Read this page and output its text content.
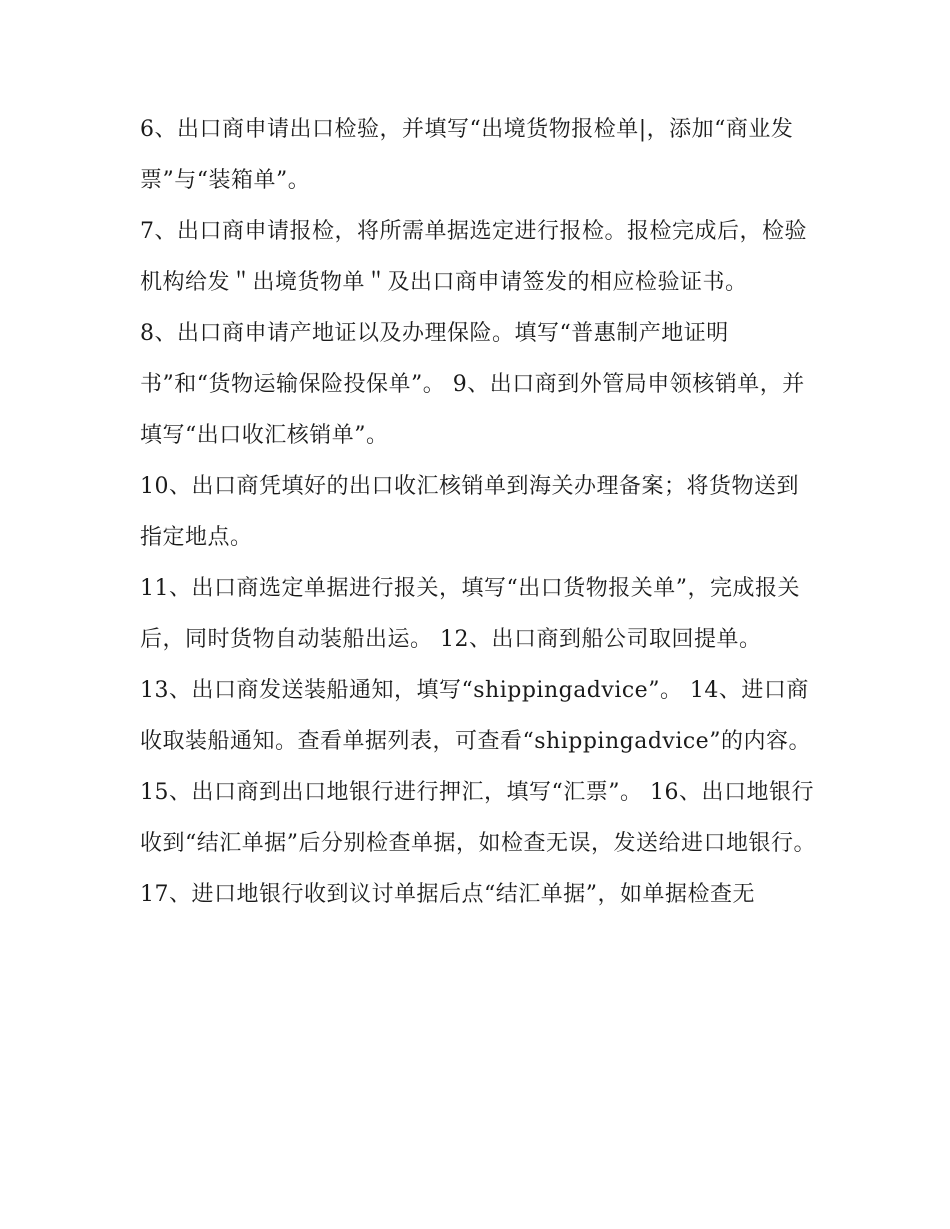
6、出口商申请出口检验，并填写“出境货物报检单|，添加“商业发票”与“装箱单”。

7、出口商申请报检，将所需单据选定进行报检。报检完成后，检验机构给发＂出境货物单＂及出口商申请签发的相应检验证书。

8、出口商申请产地证以及办理保险。填写“普惠制产地证明书”和“货物运输保险投保单”。 9、出口商到外管局申领核销单，并填写“出口收汇核销单”。

10、出口商凭填好的出口收汇核销单到海关办理备案；将货物送到指定地点。

11、出口商选定单据进行报关，填写“出口货物报关单”，完成报关后，同时货物自动装船出运。 12、出口商到船公司取回提单。

13、出口商发送装船通知，填写“shippingadvice”。 14、进口商收取装船通知。查看单据列表，可查看“shippingadvice”的内容。

15、出口商到出口地银行进行押汇，填写“汇票”。 16、出口地银行收到“结汇单据”后分别检查单据，如检查无误，发送给进口地银行。

17、进口地银行收到议讨单据后点“结汇单据”，如单据检查无
